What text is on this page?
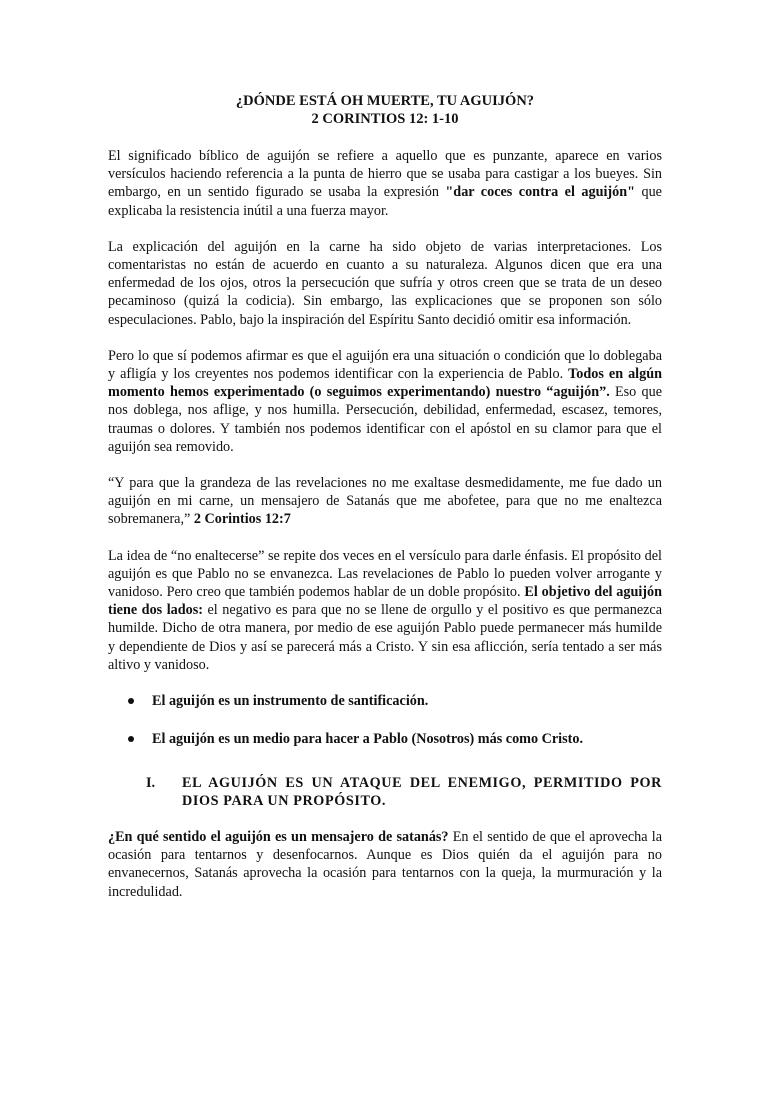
¿DÓNDE ESTÁ OH MUERTE, TU AGUIJÓN?
2 CORINTIOS 12: 1-10

El significado bíblico de aguijón se refiere a aquello que es punzante, aparece en varios versículos haciendo referencia a la punta de hierro que se usaba para castigar a los bueyes. Sin embargo, en un sentido figurado se usaba la expresión "dar coces contra el aguijón" que explicaba la resistencia inútil a una fuerza mayor.

La explicación del aguijón en la carne ha sido objeto de varias interpretaciones. Los comentaristas no están de acuerdo en cuanto a su naturaleza. Algunos dicen que era una enfermedad de los ojos, otros la persecución que sufría y otros creen que se trata de un deseo pecaminoso (quizá la codicia). Sin embargo, las explicaciones que se proponen son sólo especulaciones. Pablo, bajo la inspiración del Espíritu Santo decidió omitir esa información.

Pero lo que sí podemos afirmar es que el aguijón era una situación o condición que lo doblegaba y afligía y los creyentes nos podemos identificar con la experiencia de Pablo. Todos en algún momento hemos experimentado (o seguimos experimentando) nuestro “aguijón”. Eso que nos doblega, nos aflige, y nos humilla. Persecución, debilidad, enfermedad, escasez, temores, traumas o dolores. Y también nos podemos identificar con el apóstol en su clamor para que el aguijón sea removido.

“Y para que la grandeza de las revelaciones no me exaltase desmedidamente, me fue dado un aguijón en mi carne, un mensajero de Satanás que me abofetee, para que no me enaltezca sobremanera,” 2 Corintios 12:7

La idea de “no enaltecerse” se repite dos veces en el versículo para darle énfasis. El propósito del aguijón es que Pablo no se envanezca. Las revelaciones de Pablo lo pueden volver arrogante y vanidoso. Pero creo que también podemos hablar de un doble propósito. El objetivo del aguijón tiene dos lados: el negativo es para que no se llene de orgullo y el positivo es que permanezca humilde. Dicho de otra manera, por medio de ese aguijón Pablo puede permanecer más humilde y dependiente de Dios y así se parecerá más a Cristo. Y sin esa aflicción, sería tentado a ser más altivo y vanidoso.

El aguijón es un instrumento de santificación.
El aguijón es un medio para hacer a Pablo (Nosotros) más como Cristo.
I.	EL AGUIJÓN ES UN ATAQUE DEL ENEMIGO, PERMITIDO POR DIOS PARA UN PROPÓSITO.

¿En qué sentido el aguijón es un mensajero de satanás? En el sentido de que el aprovecha la ocasión para tentarnos y desenfocarnos. Aunque es Dios quién da el aguijón para no envanecernos, Satanás aprovecha la ocasión para tentarnos con la queja, la murmuración y la incredulidad.
